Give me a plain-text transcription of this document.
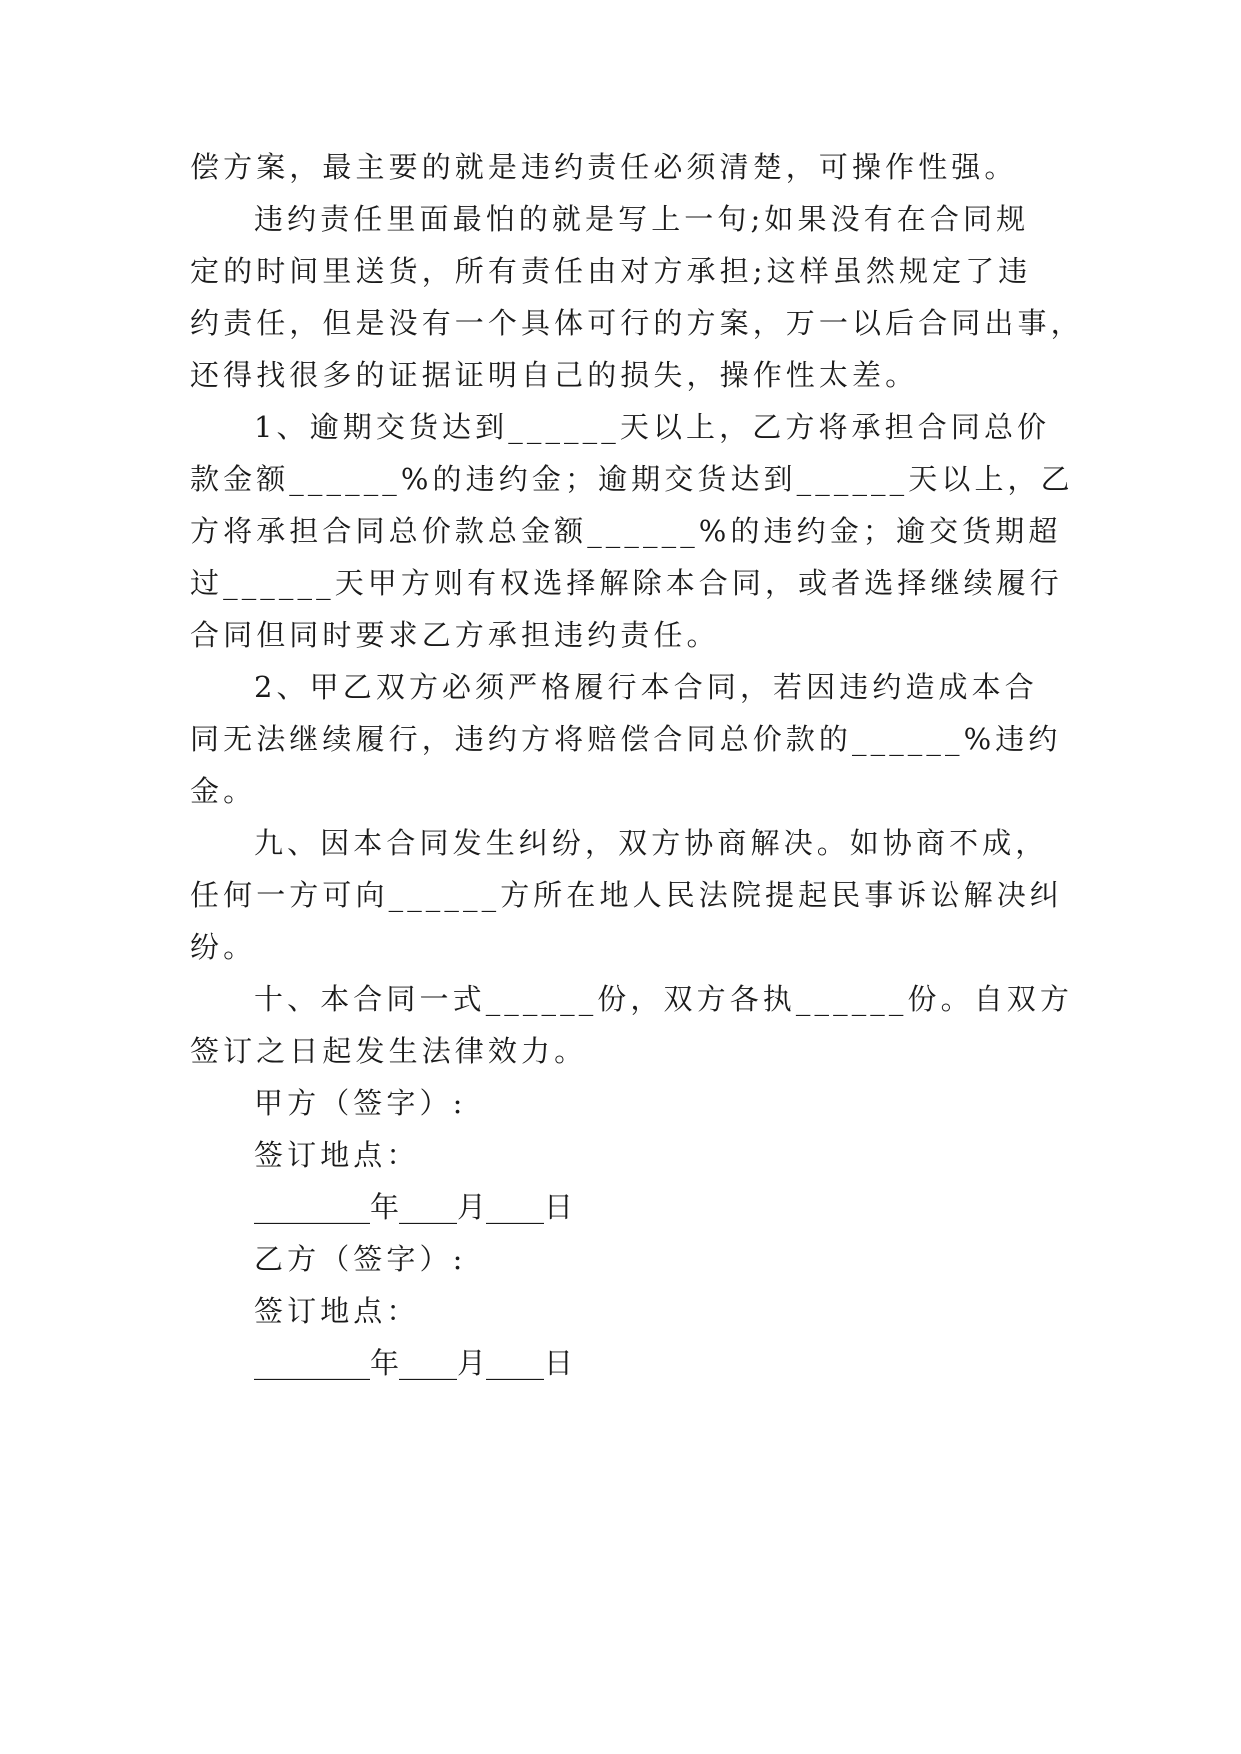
偿方案，最主要的就是违约责任必须清楚，可操作性强。
违约责任里面最怕的就是写上一句;如果没有在合同规
定的时间里送货，所有责任由对方承担;这样虽然规定了违
约责任，但是没有一个具体可行的方案，万一以后合同出事，
还得找很多的证据证明自己的损失，操作性太差。
1、逾期交货达到______天以上，乙方将承担合同总价
款金额______%的违约金；逾期交货达到______天以上，乙
方将承担合同总价款总金额______%的违约金；逾交货期超
过______天甲方则有权选择解除本合同，或者选择继续履行
合同但同时要求乙方承担违约责任。
2、甲乙双方必须严格履行本合同，若因违约造成本合
同无法继续履行，违约方将赔偿合同总价款的______%违约
金。
九、因本合同发生纠纷，双方协商解决。如协商不成，
任何一方可向______方所在地人民法院提起民事诉讼解决纠
纷。
十、本合同一式______份，双方各执______份。自双方
签订之日起发生法律效力。
甲方（签字）:
签订地点：
________年____月____日
乙方（签字）:
签订地点：
________年____月____日
